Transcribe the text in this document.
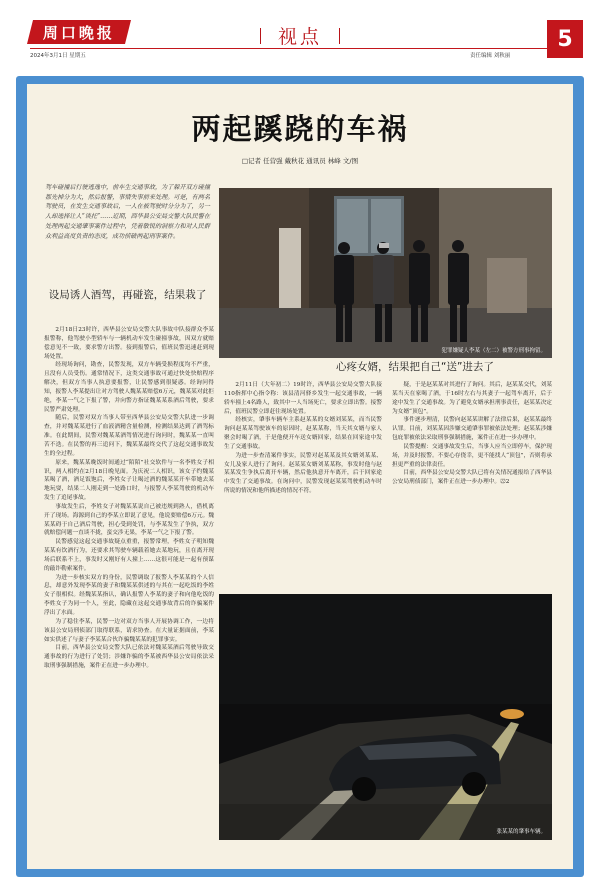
周口晚报
2024年3月1日 星期五
视点
责任编辑 刘秋丽
5
两起蹊跷的车祸
□记者 任营强 戴秋花 通讯员 林峰 文/图
驾车碰撞后行驶逃逸中，前车生交通事故，为了躲开双方碰撞都先掉分为大，然后报警，事情失事前来处理。可是，有两名驾驶员，在发生交通事故后，一人在被驾驶时分分为了，另一人却选择让人“谈托”……近期，西华县公安局交警大队民警在处理两起交通肇事案件过程中，凭着敏锐的洞察力和对人民群众利益高度负责的态度，成功侦破两起刑事案件。
设局诱人酒驾，再碰瓷，结果栽了

2月18日23时许，西华县公安局交警大队事故中队接群众李某报警称，他驾驶小型轿车与一辆机动车发生碰撞事故，因双方就赔偿意见不一致，要求警方出警。接到报警后，值班民警迅速赶到现场处置。

经现场询问，勘查，民警发现，双方车辆受损程度均不严重，且没有人员受伤。通常情况下，这类交通事故可通过快处快赔程序解决，但双方当事人执意要报警，让民警感到很疑惑。经询问得知，报警人李某提出让对方驾驶人魏某某赔偿6万元，魏某某对此拒绝，李某一气之下报了警，并向警方指证魏某某系酒后驾驶，要求民警严肃处理。

随后，民警对双方当事人带至西华县公安局交警大队进一步调查，并对魏某某进行了血液酒精含量检测，检测结果达到了酒驾标准。在此期间，民警对魏某某酒驾情况进行询问时，魏某某一直叫苦不迭。在民警的再三追问下，魏某某最终交代了这起交通事故发生的全过程。

原来，魏某某晚饭时间通过“陌陌”社交软件与一名李姓女子相识，两人相约在2月18日晚见面。为庆祝二人相识，该女子约魏某某喝了酒，酒足饭饱后，李姓女子让喝过酒的魏某某开车带她去某地玩耍，结果二人刚走到一处路口时，与报警人李某驾驶的机动车发生了追尾事故。

事故发生后，李姓女子对魏某某说自己被违规到熟人，借机离开了现场。海源到自己的李某立即说了意见，他说要赔偿6万元。魏某某碍于自己酒后驾驶，担心受到处罚，与李某发生了争执，双方就赔偿问题一直谈不拢，蛮交涉无果，李某一气之下报了警。

民警感觉这起交通事故疑点重重，报警常理，李姓女子明知魏某某有饮酒行为，还要求其驾驶车辆载着她去某地玩，且在离开现场后联系不上，事发时又刚好有人撞上……这很可能是一起有预谋的敲诈勒索案件。

为进一步核实双方的身份，民警调取了报警人李某某的个人信息，却意外发现李某的妻子和魏某某供述的与其在一起吃饭的李姓女子很相似。经魏某某指认，确认报警人李某的妻子和向他吃饭的李姓女子为同一个人，至此，隐藏在这起交通事故背后的诈骗案件浮出了水面。

为了稳住李某，民警一边对双方当事人开展协调工作，一边将该县公安局刑侦部门取得联系，请求协查。在大量证据面前，李某如实供述了与妻子李某某合伙诈骗魏某某的犯罪事实。

目前，西华县公安局交警大队已依法对魏某某酒后驾驶导致交通事故的行为进行了处罚；涉嫌诈骗的李某被西华县公安局依法采取刑事强制措施，案件正在进一步办理中。

犯罪嫌疑人李某（左二）被警方刑事拘留。
心疼女婿，结果把自己“送”进去了

2月11日（大年初二）19时许，西华县公安局交警大队接110指挥中心指令称：该县清河驿乡发生一起交通事故，一辆轿车撞上4名路人，致其中一人当场死亡，要求立即出警。接警后，值班民警立即赶往现场处置。

经核实，肇事车辆车主系赵某某的女婿刘某某，而当民警询问赵某某驾驶该车的原因时，赵某某称，当天其女婿与家人聚会时喝了酒，于是他便开车送女婿回家，结果在回家途中发生了交通事故。

为进一步查清案件事实，民警对赵某某及其女婿刘某某、女儿及家人进行了询问。赵某某女婿刘某某称，事发时他与赵某某发生争执后离开车辆，然后他执意开车离开，后于回家途中发生了交通事故。在询问中，民警发现赵某某驾驶机动车时所说的情况和他所描述的情况不符。

疑，于是赵某某对其进行了询问。其后，赵某某交代，刘某某当天在家喝了酒，于16时左右与其妻子一起驾车离开，后于途中发生了交通事故。为了避免女婿承担刑事责任，赵某某决定为女婿“顶包”。

事件逐步理清，民警向赵某某讲解了法律后果，赵某某最终认罪。目前，刘某某因涉嫌交通肇事罪被依法处理；赵某某涉嫌包庇罪被依法采取刑事强制措施，案件正在进一步办理中。

民警提醒：交通事故发生后，当事人应当立即停车，保护现场，并及时报警。不要心存侥幸，更不能找人“顶包”，否则将承担更严重的法律责任。

目前，西华县公安局交警大队已将有关情况通报给了西华县公安局刑侦部门，案件正在进一步办理中。㉒2

张某某的肇事车辆。
